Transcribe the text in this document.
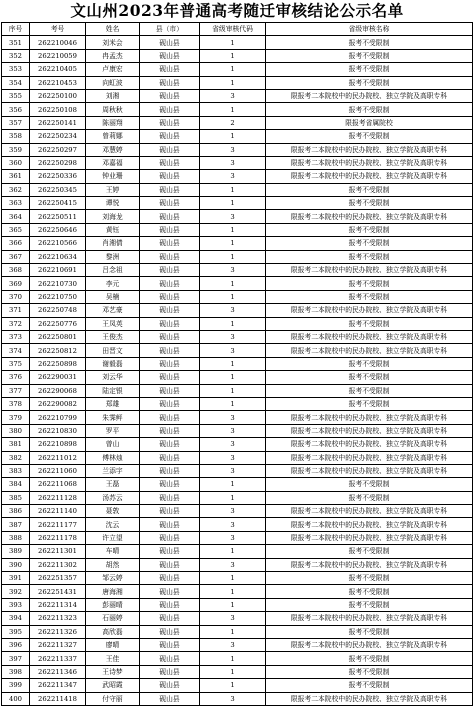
文山州2023年普通高考随迁审核结论公示名单
序号	考号	姓名	县（市）	省级审核代码	省级审核名称
351	262210046	刘米会	砚山县	1	报考不受限制
352	262210059	冉孟杰	砚山县	1	报考不受限制
353	262210405	卢康宏	砚山县	1	报考不受限制
354	262210453	向虹波	砚山县	1	报考不受限制
355	262250100	刘湘	砚山县	3	限报考二本院校中的民办院校、独立学院及高职专科
356	262250108	周秋秋	砚山县	1	报考不受限制
357	262250141	陈丽翔	砚山县	2	限报考省属院校
358	262250234	曾莉娜	砚山县	1	报考不受限制
359	262250297	邓慧婷	砚山县	3	限报考二本院校中的民办院校、独立学院及高职专科
360	262250298	邓嘉福	砚山县	3	限报考二本院校中的民办院校、独立学院及高职专科
361	262250336	钟业珊	砚山县	3	限报考二本院校中的民办院校、独立学院及高职专科
362	262250345	王婷	砚山县	1	报考不受限制
363	262250415	谭悦	砚山县	1	报考不受限制
364	262250511	刘海龙	砚山县	3	限报考二本院校中的民办院校、独立学院及高职专科
365	262250646	黄钰	砚山县	1	报考不受限制
366	262210566	肖湘倩	砚山县	1	报考不受限制
367	262210634	黎洲	砚山县	1	报考不受限制
368	262210691	吕念祖	砚山县	3	限报考二本院校中的民办院校、独立学院及高职专科
369	262210730	李元	砚山县	1	报考不受限制
370	262210750	吴楠	砚山县	1	报考不受限制
371	262250748	邓艺豪	砚山县	3	限报考二本院校中的民办院校、独立学院及高职专科
372	262250776	王凤英	砚山县	1	报考不受限制
373	262250801	王俊杰	砚山县	3	限报考二本院校中的民办院校、独立学院及高职专科
374	262250812	田晋文	砚山县	3	限报考二本院校中的民办院校、独立学院及高职专科
375	262250898	谢毅磊	砚山县	1	报考不受限制
376	262290031	刘云华	砚山县	1	报考不受限制
377	262290068	陆定银	砚山县	1	报考不受限制
378	262290082	郑雄	砚山县	1	报考不受限制
379	262210799	朱霁鲆	砚山县	3	限报考二本院校中的民办院校、独立学院及高职专科
380	262210830	罗平	砚山县	3	限报考二本院校中的民办院校、独立学院及高职专科
381	262210898	曾山	砚山县	3	限报考二本院校中的民办院校、独立学院及高职专科
382	262211012	傅林烛	砚山县	3	限报考二本院校中的民办院校、独立学院及高职专科
383	262211060	兰添宇	砚山县	3	限报考二本院校中的民办院校、独立学院及高职专科
384	262211068	王磊	砚山县	1	报考不受限制
385	262211128	汤苏云	砚山县	1	报考不受限制
386	262211140	聂敦	砚山县	3	限报考二本院校中的民办院校、独立学院及高职专科
387	262211177	沈云	砚山县	3	限报考二本院校中的民办院校、独立学院及高职专科
388	262211178	许立望	砚山县	3	限报考二本院校中的民办院校、独立学院及高职专科
389	262211301	车晴	砚山县	1	报考不受限制
390	262211302	胡然	砚山县	3	限报考二本院校中的民办院校、独立学院及高职专科
391	262251357	邹云婷	砚山县	1	报考不受限制
392	262251431	唐海湘	砚山县	1	报考不受限制
393	262211314	彭丽晴	砚山县	1	报考不受限制
394	262211323	石丽婷	砚山县	3	限报考二本院校中的民办院校、独立学院及高职专科
395	262211326	高欣磊	砚山县	1	报考不受限制
396	262211327	廖晴	砚山县	3	限报考二本院校中的民办院校、独立学院及高职专科
397	262211337	王佳	砚山县	1	报考不受限制
398	262211346	王诗梦	砚山县	1	报考不受限制
399	262211347	武昭霞	砚山县	1	报考不受限制
400	262211418	付守丽	砚山县	3	限报考二本院校中的民办院校、独立学院及高职专科
